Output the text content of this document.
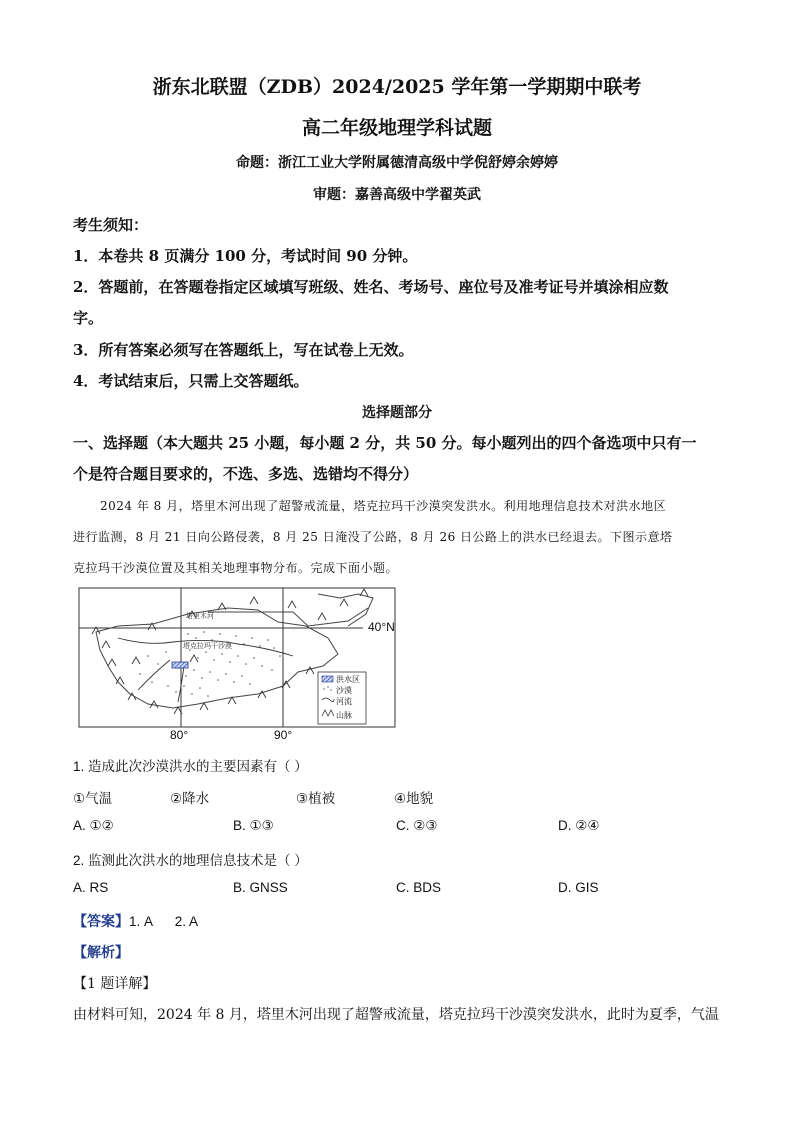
浙东北联盟（ZDB）2024/2025 学年第一学期期中联考
高二年级地理学科试题
命题：浙江工业大学附属德清高级中学倪舒婷余婷婷
审题：嘉善高级中学翟英武
考生须知：
1．本卷共 8 页满分 100 分，考试时间 90 分钟。
2．答题前，在答题卷指定区域填写班级、姓名、考场号、座位号及准考证号并填涂相应数
字。
3．所有答案必须写在答题纸上，写在试卷上无效。
4．考试结束后，只需上交答题纸。
选择题部分
一、选择题（本大题共 25 小题，每小题 2 分，共 50 分。每小题列出的四个备选项中只有一
个是符合题目要求的，不选、多选、选错均不得分）
2024 年 8 月，塔里木河出现了超警戒流量，塔克拉玛干沙漠突发洪水。利用地理信息技术对洪水地区
进行监测，8 月 21 日向公路侵袭，8 月 25 日淹没了公路，8 月 26 日公路上的洪水已经退去。下图示意塔
克拉玛干沙漠位置及其相关地理事物分布。完成下面小题。
40°N
80°	90°
塔克拉玛干沙漠
塔里木河
洪水区
沙漠
河流
山脉
1. 造成此次沙漠洪水的主要因素有（ ）
①气温	②降水	③植被	④地貌
A. ①②	B. ①③	C. ②③	D. ②④
2. 监测此次洪水的地理信息技术是（ ）
A. RS	B. GNSS	C. BDS	D. GIS
【答案】1. A      2. A
【解析】
【1 题详解】
由材料可知，2024 年 8 月，塔里木河出现了超警戒流量，塔克拉玛干沙漠突发洪水，此时为夏季，气温
